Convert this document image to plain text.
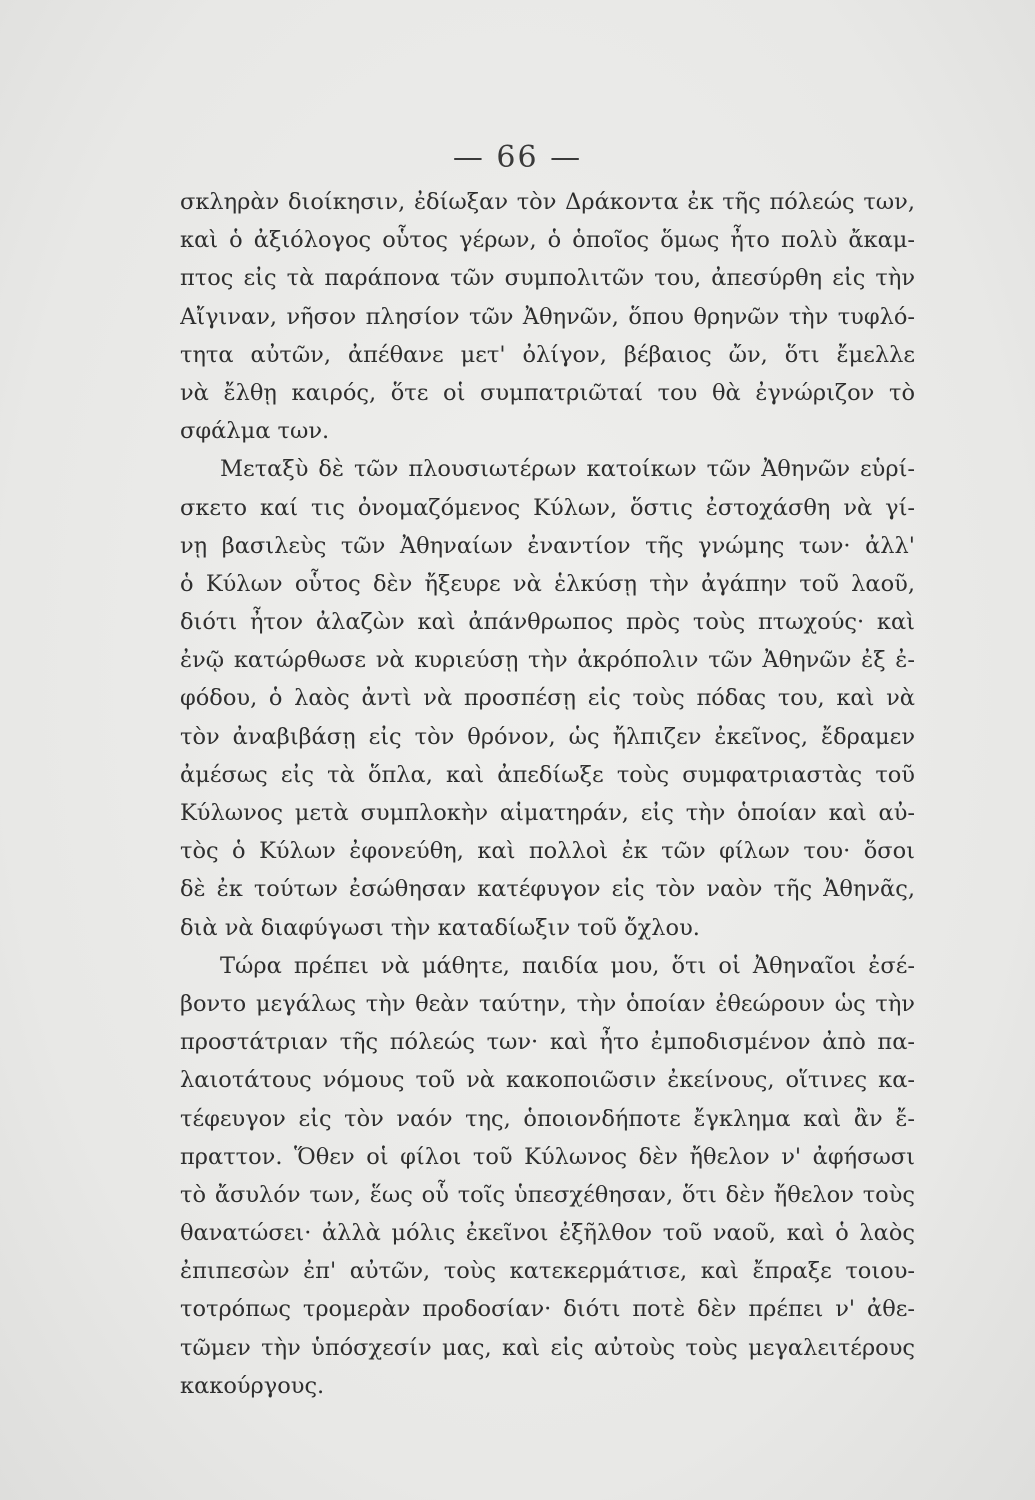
— 66 —
σκληρὰν διοίκησιν, ἐδίωξαν τὸν Δράκοντα ἐκ τῆς πόλεώς των,
καὶ ὁ ἀξιόλογος οὗτος γέρων, ὁ ὁποῖος ὅμως ἦτο πολὺ ἄκαμ-
πτος εἰς τὰ παράπονα τῶν συμπολιτῶν του, ἀπεσύρθη εἰς τὴν
Αἴγιναν, νῆσον πλησίον τῶν Ἀθηνῶν, ὅπου θρηνῶν τὴν τυφλό-
τητα αὐτῶν, ἀπέθανε μετ' ὀλίγον, βέβαιος ὤν, ὅτι ἔμελλε
νὰ ἔλθῃ καιρός, ὅτε οἱ συμπατριῶταί του θὰ ἐγνώριζον τὸ
σφάλμα των.
Μεταξὺ δὲ τῶν πλουσιωτέρων κατοίκων τῶν Ἀθηνῶν εὑρί-
σκετο καί τις ὀνομαζόμενος Κύλων, ὅστις ἐστοχάσθη νὰ γί-
νῃ βασιλεὺς τῶν Ἀθηναίων ἐναντίον τῆς γνώμης των· ἀλλ'
ὁ Κύλων οὗτος δὲν ἤξευρε νὰ ἑλκύσῃ τὴν ἀγάπην τοῦ λαοῦ,
διότι ἦτον ἀλαζὼν καὶ ἀπάνθρωπος πρὸς τοὺς πτωχούς· καὶ
ἐνῷ κατώρθωσε νὰ κυριεύσῃ τὴν ἀκρόπολιν τῶν Ἀθηνῶν ἐξ ἐ-
φόδου, ὁ λαὸς ἀντὶ νὰ προσπέσῃ εἰς τοὺς πόδας του, καὶ νὰ
τὸν ἀναβιβάσῃ εἰς τὸν θρόνον, ὡς ἤλπιζεν ἐκεῖνος, ἔδραμεν
ἀμέσως εἰς τὰ ὅπλα, καὶ ἀπεδίωξε τοὺς συμφατριαστὰς τοῦ
Κύλωνος μετὰ συμπλοκὴν αἱματηράν, εἰς τὴν ὁποίαν καὶ αὐ-
τὸς ὁ Κύλων ἐφονεύθη, καὶ πολλοὶ ἐκ τῶν φίλων του· ὅσοι
δὲ ἐκ τούτων ἐσώθησαν κατέφυγον εἰς τὸν ναὸν τῆς Ἀθηνᾶς,
διὰ νὰ διαφύγωσι τὴν καταδίωξιν τοῦ ὄχλου.
Τώρα πρέπει νὰ μάθητε, παιδία μου, ὅτι οἱ Ἀθηναῖοι ἐσέ-
βοντο μεγάλως τὴν θεὰν ταύτην, τὴν ὁποίαν ἐθεώρουν ὡς τὴν
προστάτριαν τῆς πόλεώς των· καὶ ἦτο ἐμποδισμένον ἀπὸ πα-
λαιοτάτους νόμους τοῦ νὰ κακοποιῶσιν ἐκείνους, οἵτινες κα-
τέφευγον εἰς τὸν ναόν της, ὁποιονδήποτε ἔγκλημα καὶ ἂν ἔ-
πραττον. Ὅθεν οἱ φίλοι τοῦ Κύλωνος δὲν ἤθελον ν' ἀφήσωσι
τὸ ἄσυλόν των, ἕως οὗ τοῖς ὑπεσχέθησαν, ὅτι δὲν ἤθελον τοὺς
θανατώσει· ἀλλὰ μόλις ἐκεῖνοι ἐξῆλθον τοῦ ναοῦ, καὶ ὁ λαὸς
ἐπιπεσὼν ἐπ' αὐτῶν, τοὺς κατεκερμάτισε, καὶ ἔπραξε τοιου-
τοτρόπως τρομερὰν προδοσίαν· διότι ποτὲ δὲν πρέπει ν' ἀθε-
τῶμεν τὴν ὑπόσχεσίν μας, καὶ εἰς αὐτοὺς τοὺς μεγαλειτέρους
κακούργους.
